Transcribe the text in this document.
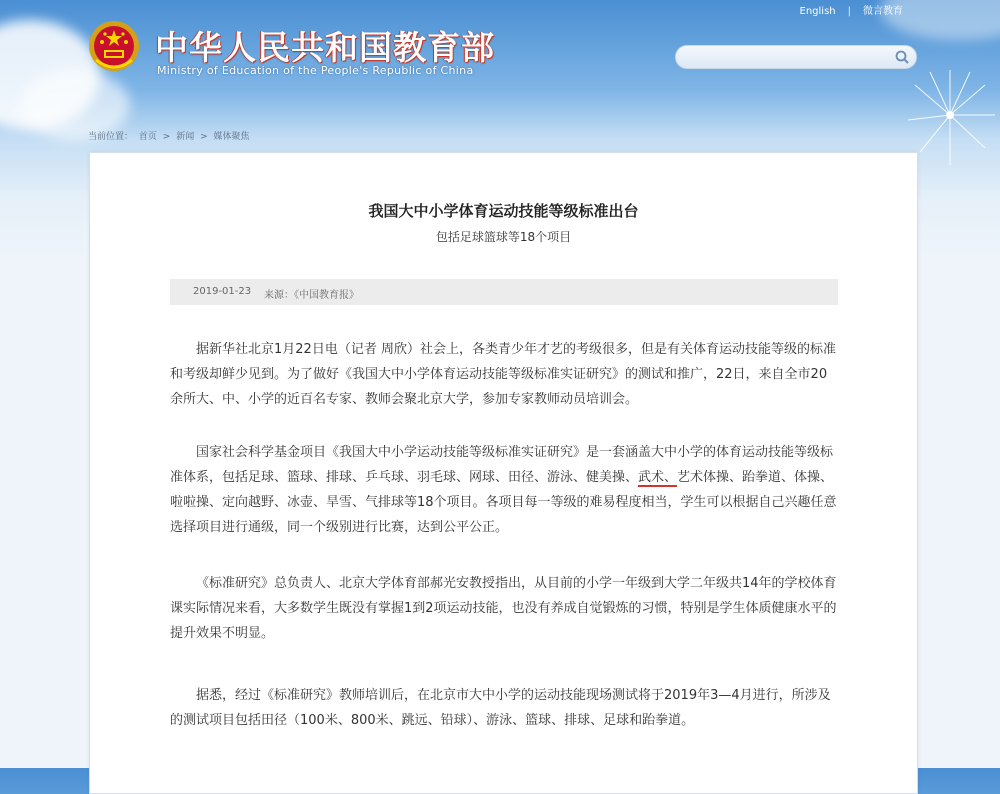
中华人民共和国教育部
Ministry of Education of the People's Republic of China
English | 微言教育
当前位置： 首页 > 新闻 > 媒体聚焦
我国大中小学体育运动技能等级标准出台
包括足球篮球等18个项目
2019-01-23 来源：《中国教育报》

据新华社北京1月22日电（记者 周欣）社会上，各类青少年才艺的考级很多，但是有关体育运动技能等级的标准和考级却鲜少见到。为了做好《我国大中小学体育运动技能等级标准实证研究》的测试和推广，22日，来自全市20余所大、中、小学的近百名专家、教师会聚北京大学，参加专家教师动员培训会。

国家社会科学基金项目《我国大中小学运动技能等级标准实证研究》是一套涵盖大中小学的体育运动技能等级标准体系，包括足球、篮球、排球、乒乓球、羽毛球、网球、田径、游泳、健美操、武术、艺术体操、跆拳道、体操、啦啦操、定向越野、冰壶、旱雪、气排球等18个项目。各项目每一等级的难易程度相当，学生可以根据自己兴趣任意选择项目进行通级，同一个级别进行比赛，达到公平公正。

《标准研究》总负责人、北京大学体育部郝光安教授指出，从目前的小学一年级到大学二年级共14年的学校体育课实际情况来看，大多数学生既没有掌握1到2项运动技能，也没有养成自觉锻炼的习惯，特别是学生体质健康水平的提升效果不明显。

据悉，经过《标准研究》教师培训后，在北京市大中小学的运动技能现场测试将于2019年3—4月进行，所涉及的测试项目包括田径（100米、800米、跳远、铅球）、游泳、篮球、排球、足球和跆拳道。
